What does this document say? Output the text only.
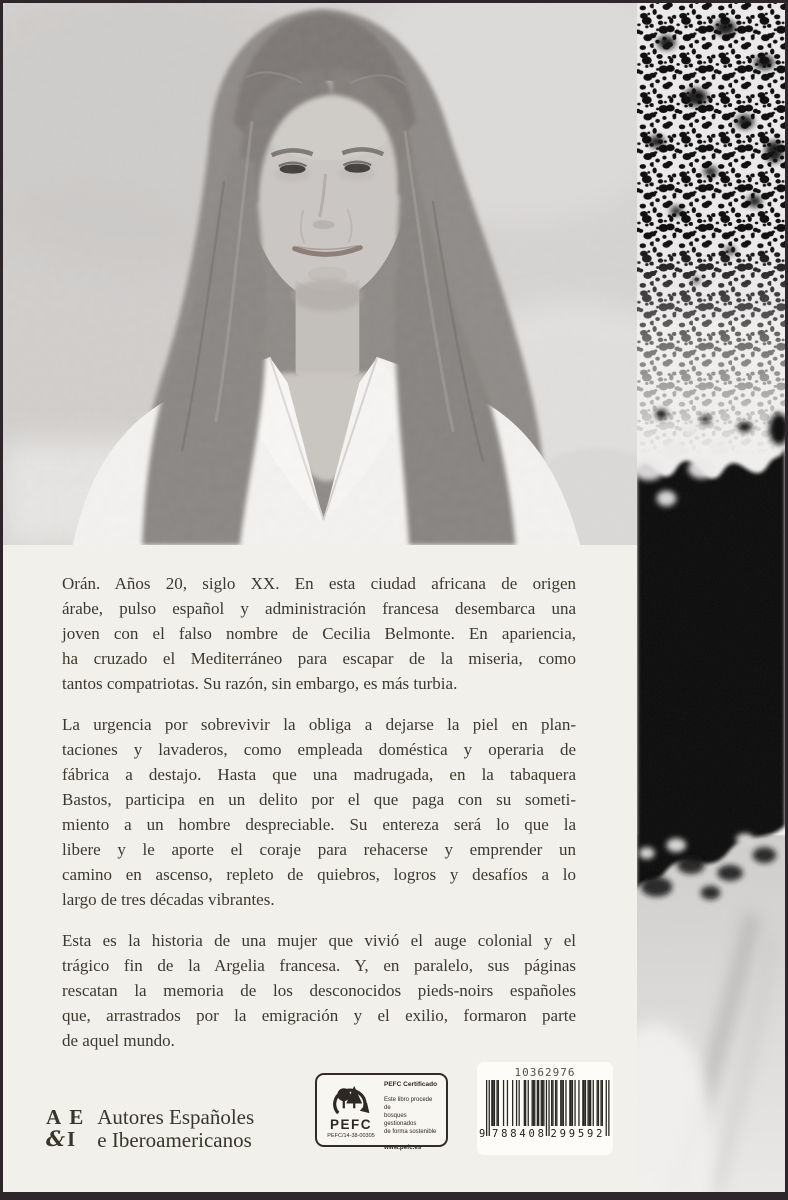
Orán. Años 20, siglo XX. En esta ciudad africana de origen
árabe, pulso español y administración francesa desembarca una
joven con el falso nombre de Cecilia Belmonte. En apariencia,
ha cruzado el Mediterráneo para escapar de la miseria, como
tantos compatriotas. Su razón, sin embargo, es más turbia.
La urgencia por sobrevivir la obliga a dejarse la piel en plan-
taciones y lavaderos, como empleada doméstica y operaria de
fábrica a destajo. Hasta que una madrugada, en la tabaquera
Bastos, participa en un delito por el que paga con su someti-
miento a un hombre despreciable. Su entereza será lo que la
libere y le aporte el coraje para rehacerse y emprender un
camino en ascenso, repleto de quiebros, logros y desafíos a lo
largo de tres décadas vibrantes.
Esta es la historia de una mujer que vivió el auge colonial y el
trágico fin de la Argelia francesa. Y, en paralelo, sus páginas
rescatan la memoria de los desconocidos pieds-noirs españoles
que, arrastrados por la emigración y el exilio, formaron parte
de aquel mundo.
A E
&I
Autores Españoles
e Iberoamericanos
PEFC
PEFC/14-38-00305
PEFC Certificado
Este libro procede de
bosques gestionados
de forma sostenible
www.pefc.es
10362976
9 788408 299592
